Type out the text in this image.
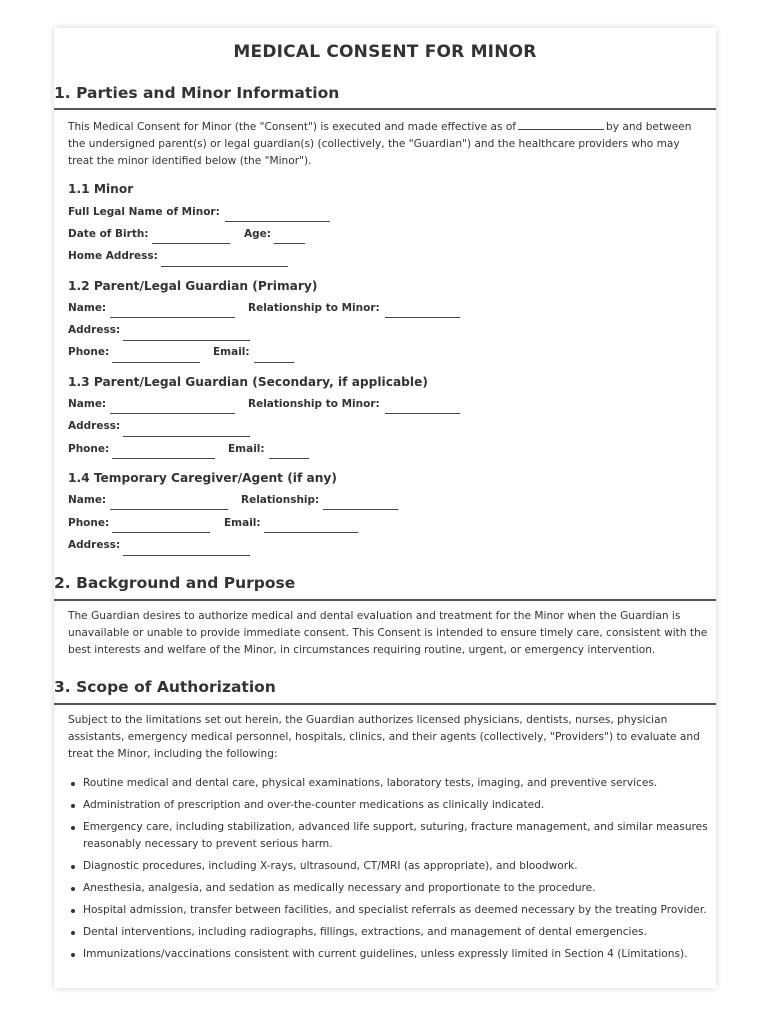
MEDICAL CONSENT FOR MINOR
1. Parties and Minor Information
This Medical Consent for Minor (the "Consent") is executed and made effective as of	by and between the undersigned parent(s) or legal guardian(s) (collectively, the "Guardian") and the healthcare providers who may treat the minor identified below (the "Minor").
1.1 Minor
Full Legal Name of Minor:
Date of Birth:	Age:
Home Address:
1.2 Parent/Legal Guardian (Primary)
Name:	Relationship to Minor:
Address:
Phone:	Email:
1.3 Parent/Legal Guardian (Secondary, if applicable)
Name:	Relationship to Minor:
Address:
Phone:	Email:
1.4 Temporary Caregiver/Agent (if any)
Name:	Relationship:
Phone:	Email:
Address:
2. Background and Purpose
The Guardian desires to authorize medical and dental evaluation and treatment for the Minor when the Guardian is unavailable or unable to provide immediate consent. This Consent is intended to ensure timely care, consistent with the best interests and welfare of the Minor, in circumstances requiring routine, urgent, or emergency intervention.
3. Scope of Authorization
Subject to the limitations set out herein, the Guardian authorizes licensed physicians, dentists, nurses, physician assistants, emergency medical personnel, hospitals, clinics, and their agents (collectively, "Providers") to evaluate and treat the Minor, including the following:
Routine medical and dental care, physical examinations, laboratory tests, imaging, and preventive services.
Administration of prescription and over-the-counter medications as clinically indicated.
Emergency care, including stabilization, advanced life support, suturing, fracture management, and similar measures reasonably necessary to prevent serious harm.
Diagnostic procedures, including X-rays, ultrasound, CT/MRI (as appropriate), and bloodwork.
Anesthesia, analgesia, and sedation as medically necessary and proportionate to the procedure.
Hospital admission, transfer between facilities, and specialist referrals as deemed necessary by the treating Provider.
Dental interventions, including radiographs, fillings, extractions, and management of dental emergencies.
Immunizations/vaccinations consistent with current guidelines, unless expressly limited in Section 4 (Limitations).
